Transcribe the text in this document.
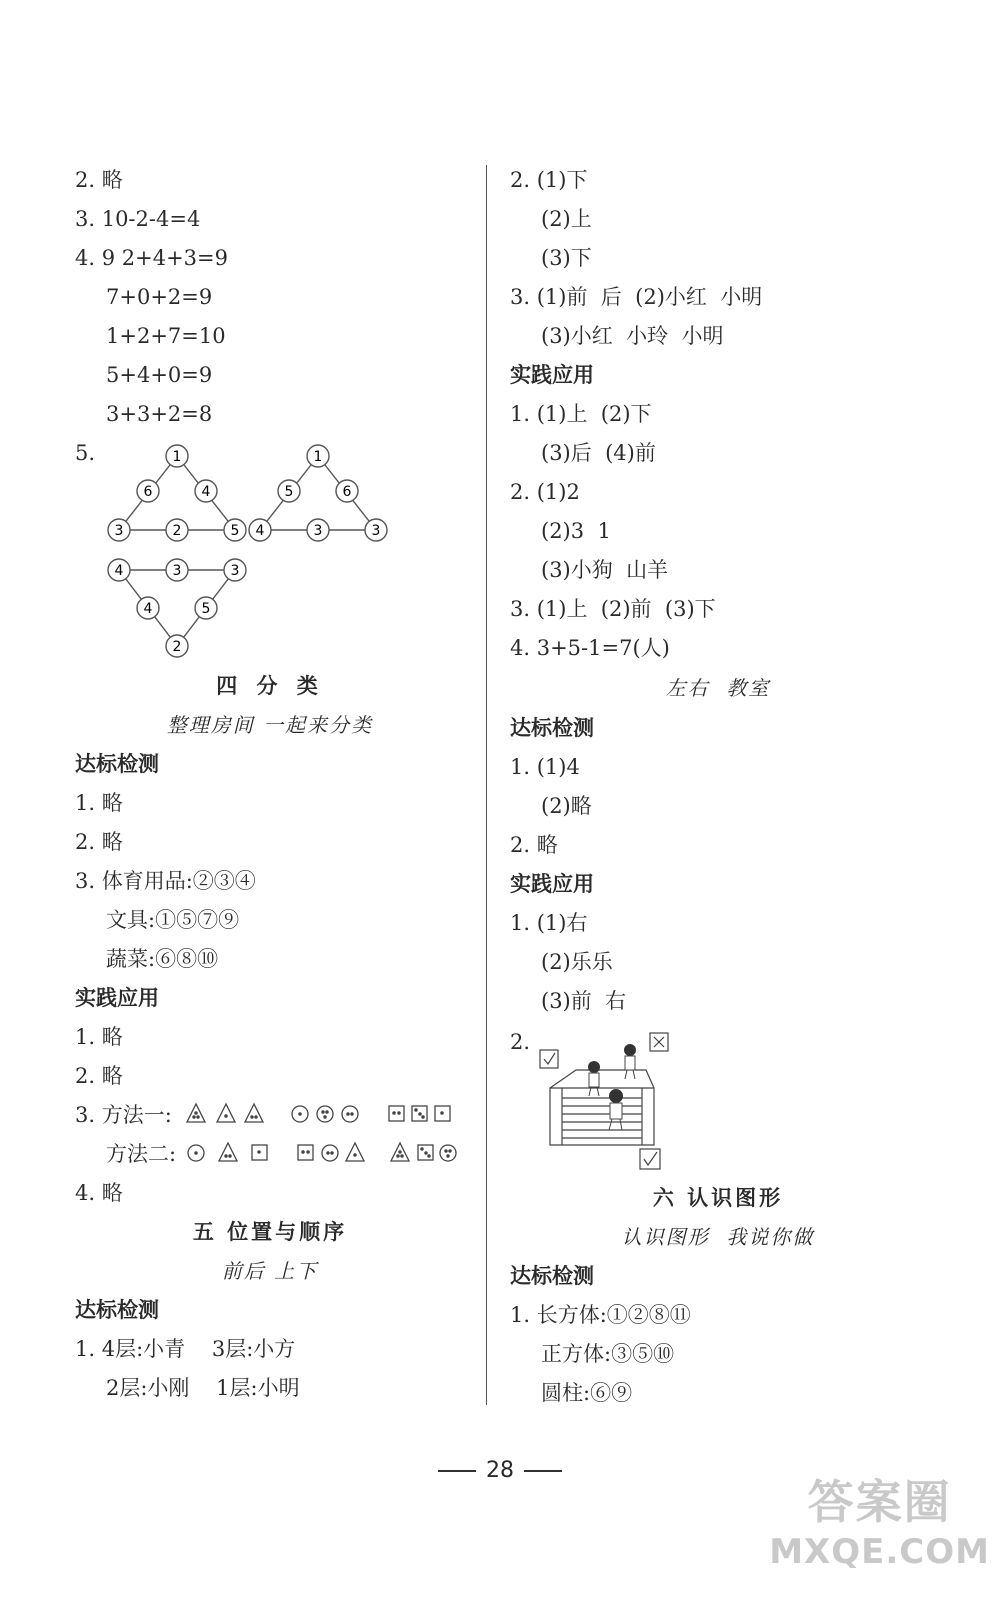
2. 略
3. 10-2-4=4
4. 9 2+4+3=9
7+0+2=9
1+2+7=10
5+4+0=9
3+3+2=8
5.	1
6	4
3	2	5
1
5	6
4	3	3
4	3	3
4	5
2
四 分 类
整理房间 一起来分类
达标检测
1. 略
2. 略
3. 体育用品:②③④
文具:①⑤⑦⑨
蔬菜:⑥⑧⑩
实践应用
1. 略
2. 略
3. 方法一:
方法二:
4. 略
五 位置与顺序
前后 上下
达标检测
1. 4层:小青    3层:小方
2层:小刚    1层:小明
2. (1)下
(2)上
(3)下
3. (1)前  后  (2)小红  小明
(3)小红  小玲  小明
实践应用
1. (1)上  (2)下
(3)后  (4)前
2. (1)2
(2)3  1
(3)小狗  山羊
3. (1)上  (2)前  (3)下
4. 3+5-1=7(人)
左右  教室
达标检测
1. (1)4
(2)略
2. 略
实践应用
1. (1)右
(2)乐乐
(3)前  右
2.
六 认识图形
认识图形  我说你做
达标检测
1. 长方体:①②⑧⑪
正方体:③⑤⑩
圆柱:⑥⑨
28
答案圈
MXQE.COM
